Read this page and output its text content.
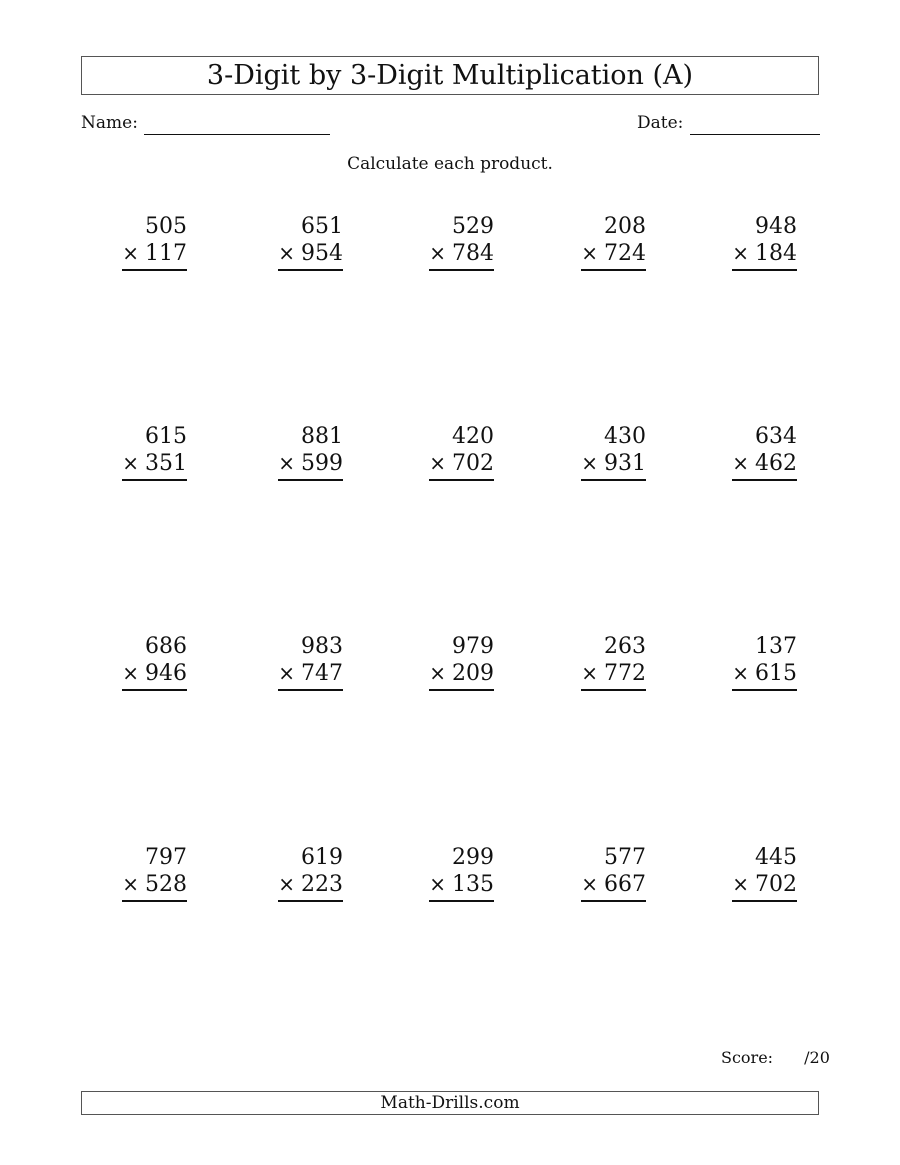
3-Digit by 3-Digit Multiplication (A)
Name:	Date:
Calculate each product.
505
× 117
651
× 954
529
× 784
208
× 724
948
× 184
615
× 351
881
× 599
420
× 702
430
× 931
634
× 462
686
× 946
983
× 747
979
× 209
263
× 772
137
× 615
797
× 528
619
× 223
299
× 135
577
× 667
445
× 702
Score: /20
Math-Drills.com
